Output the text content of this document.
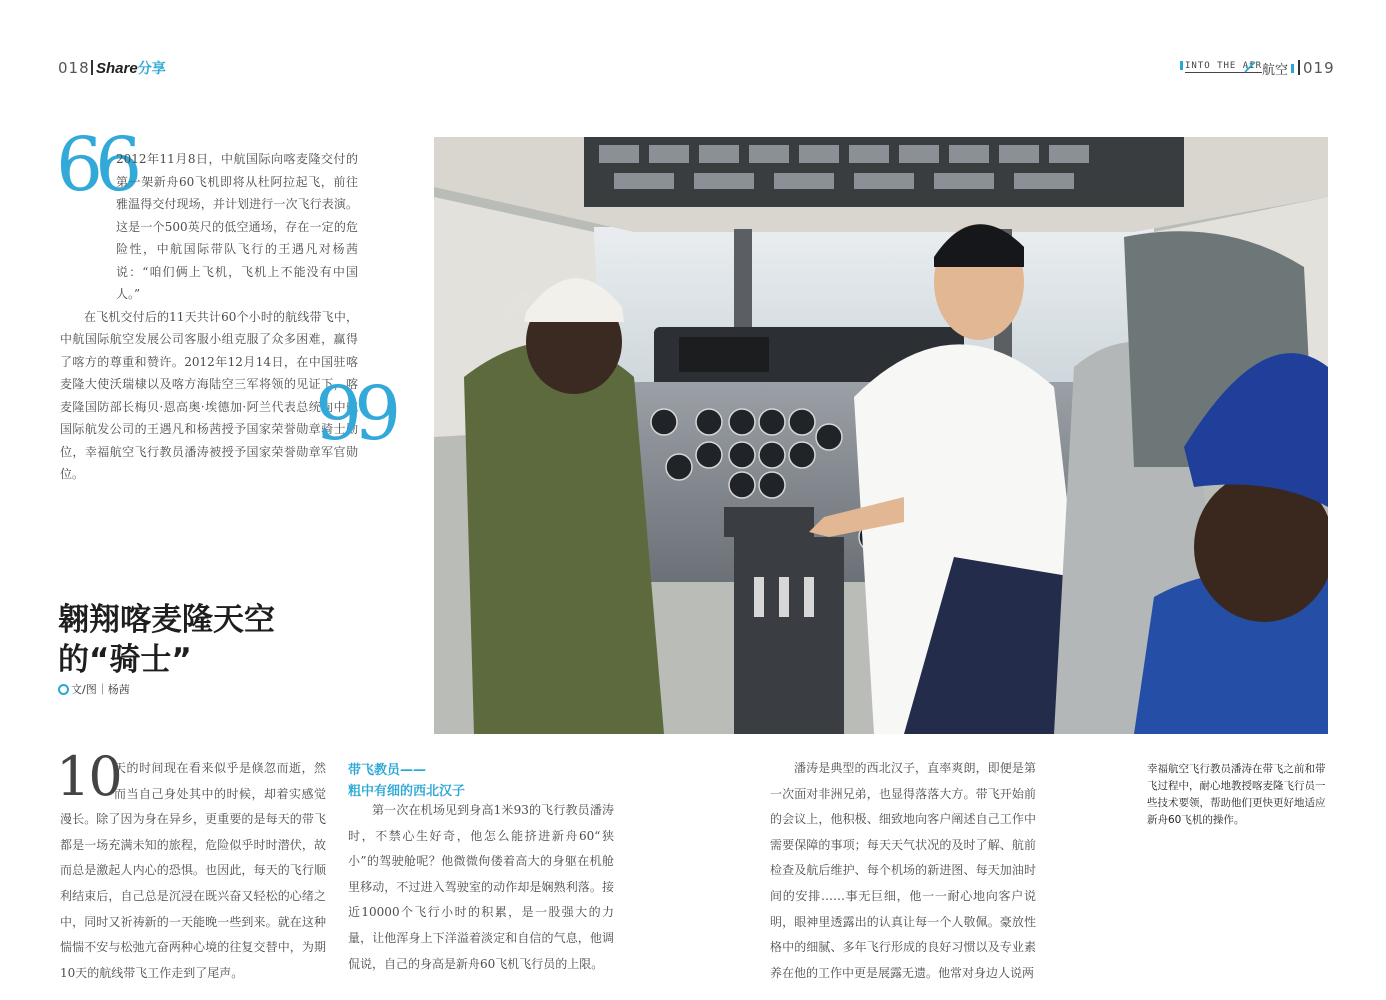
018 Share分享	INTO THE AIR 航空 019
66

2012年11月8日，中航国际向喀麦隆交付的第一架新舟60飞机即将从杜阿拉起飞，前往雅温得交付现场，并计划进行一次飞行表演。这是一个500英尺的低空通场，存在一定的危险性，中航国际带队飞行的王遇凡对杨茜说：“咱们俩上飞机，飞机上不能没有中国人。”

在飞机交付后的11天共计60个小时的航线带飞中，中航国际航空发展公司客服小组克服了众多困难，赢得了喀方的尊重和赞许。2012年12月14日，在中国驻喀麦隆大使沃瑞棣以及喀方海陆空三军将领的见证下，喀麦隆国防部长梅贝·恩高奥·埃德加·阿兰代表总统向中航国际航发公司的王遇凡和杨茜授予国家荣誉勋章骑士勋位，幸福航空飞行教员潘涛被授予国家荣誉勋章军官勋位。

99
翱翔喀麦隆天空
的“骑士”
文/图｜杨茜
10

天的时间现在看来似乎是倏忽而逝，然而当自己身处其中的时候，却着实感觉漫长。除了因为身在异乡，更重要的是每天的带飞都是一场充满未知的旅程，危险似乎时时潜伏，故而总是激起人内心的恐惧。也因此，每天的飞行顺利结束后，自己总是沉浸在既兴奋又轻松的心绪之中，同时又祈祷新的一天能晚一些到来。就在这种惴惴不安与松弛亢奋两种心境的往复交替中，为期10天的航线带飞工作走到了尾声。

带飞教员——
粗中有细的西北汉子

第一次在机场见到身高1米93的飞行教员潘涛时，不禁心生好奇，他怎么能挤进新舟60“狭小”的驾驶舱呢？他微微佝偻着高大的身躯在机舱里移动，不过进入驾驶室的动作却是娴熟利落。接近10000个飞行小时的积累，是一股强大的力量，让他浑身上下洋溢着淡定和自信的气息，他调侃说，自己的身高是新舟60飞机飞行员的上限。

潘涛是典型的西北汉子，直率爽朗，即便是第一次面对非洲兄弟，也显得落落大方。带飞开始前的会议上，他积极、细致地向客户阐述自己工作中需要保障的事项；每天天气状况的及时了解、航前检查及航后维护、每个机场的新进图、每天加油时间的安排……事无巨细，他一一耐心地向客户说明，眼神里透露出的认真让每一个人敬佩。豪放性格中的细腻、多年飞行形成的良好习惯以及专业素养在他的工作中更是展露无遗。他常对身边人说两

幸福航空飞行教员潘涛在带飞之前和带飞过程中，耐心地教授喀麦隆飞行员一些技术要领，帮助他们更快更好地适应新舟60飞机的操作。
